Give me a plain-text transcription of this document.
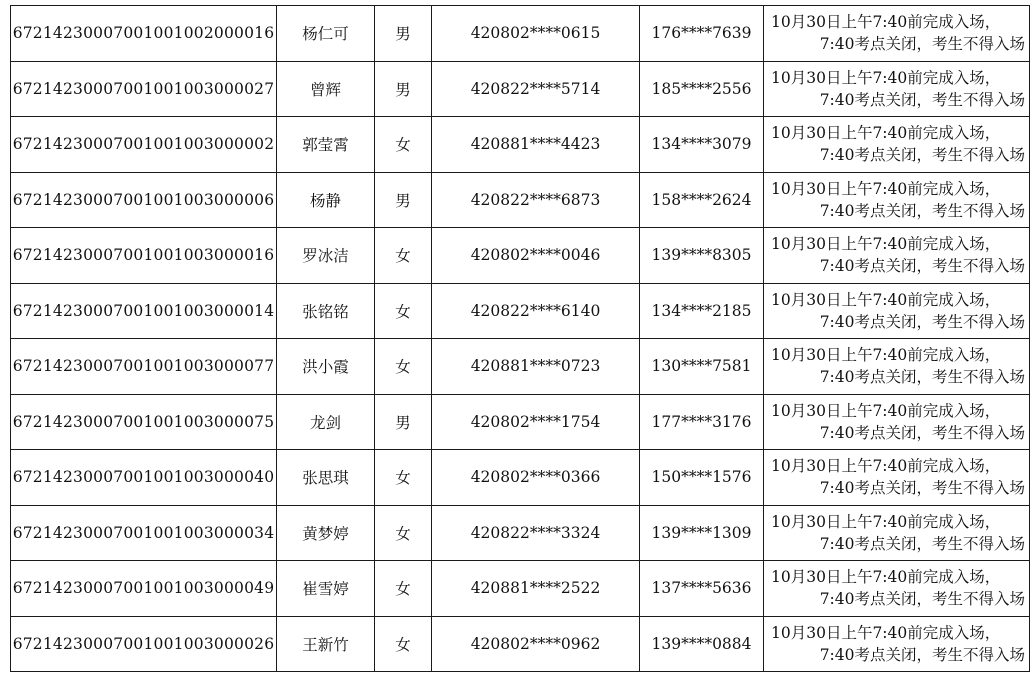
67214230007001001002000016	杨仁可	男	420802****0615	176****7639	10月30日上午7:40前完成入场，
7:40考点关闭，考生不得入场

67214230007001001003000027	曾辉	男	420822****5714	185****2556	10月30日上午7:40前完成入场，
7:40考点关闭，考生不得入场

67214230007001001003000002	郭莹霄	女	420881****4423	134****3079	10月30日上午7:40前完成入场，
7:40考点关闭，考生不得入场

67214230007001001003000006	杨静	男	420822****6873	158****2624	10月30日上午7:40前完成入场，
7:40考点关闭，考生不得入场

67214230007001001003000016	罗冰洁	女	420802****0046	139****8305	10月30日上午7:40前完成入场，
7:40考点关闭，考生不得入场

67214230007001001003000014	张铭铭	女	420822****6140	134****2185	10月30日上午7:40前完成入场，
7:40考点关闭，考生不得入场

67214230007001001003000077	洪小霞	女	420881****0723	130****7581	10月30日上午7:40前完成入场，
7:40考点关闭，考生不得入场

67214230007001001003000075	龙剑	男	420802****1754	177****3176	10月30日上午7:40前完成入场，
7:40考点关闭，考生不得入场

67214230007001001003000040	张思琪	女	420802****0366	150****1576	10月30日上午7:40前完成入场，
7:40考点关闭，考生不得入场

67214230007001001003000034	黄梦婷	女	420822****3324	139****1309	10月30日上午7:40前完成入场，
7:40考点关闭，考生不得入场

67214230007001001003000049	崔雪婷	女	420881****2522	137****5636	10月30日上午7:40前完成入场，
7:40考点关闭，考生不得入场

67214230007001001003000026	王新竹	女	420802****0962	139****0884	10月30日上午7:40前完成入场，
7:40考点关闭，考生不得入场
